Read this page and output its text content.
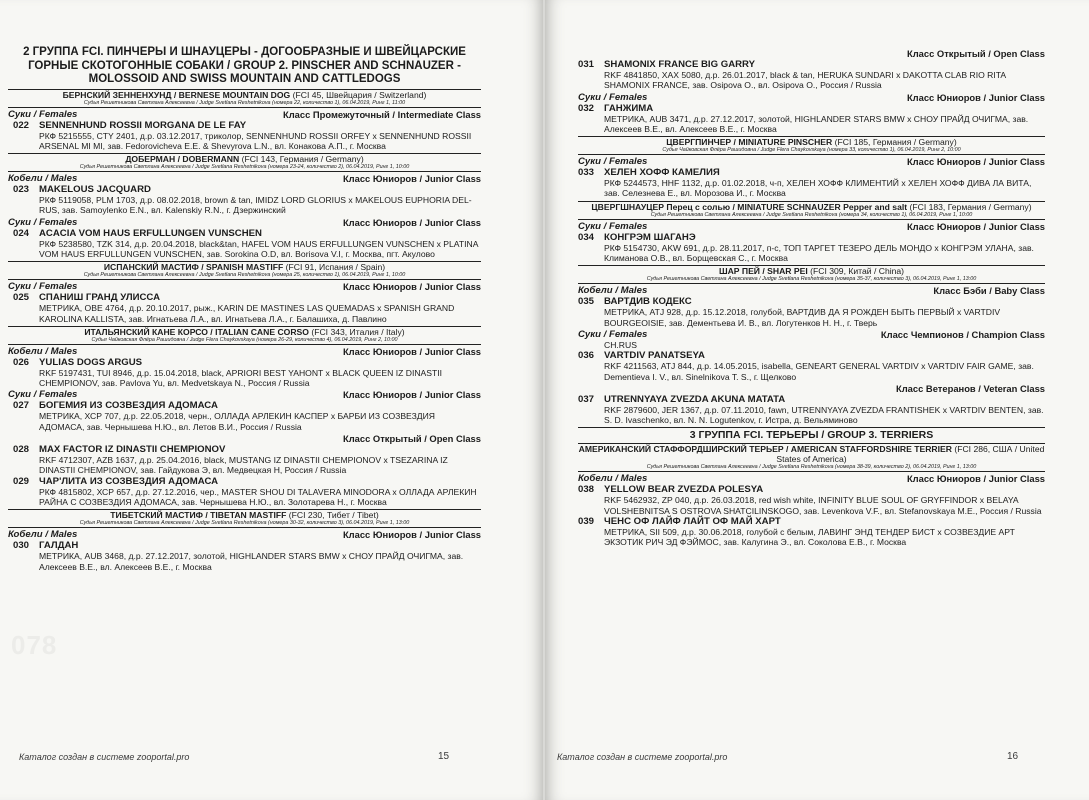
078
2 ГРУППА FCI. ПИНЧЕРЫ И ШНАУЦЕРЫ - ДОГООБРАЗНЫЕ И ШВЕЙЦАРСКИЕ ГОРНЫЕ СКОТОГОННЫЕ СОБАКИ / GROUP 2. PINSCHER AND SCHNAUZER - MOLOSSOID AND SWISS MOUNTAIN AND CATTLEDOGS
БЕРНСКИЙ ЗЕННЕНХУНД / BERNESE MOUNTAIN DOG (FCI 45, Швейцария / Switzerland)
Судья Решетникова Светлана Алексеевна / Judge Svetlana Reshetnikova (номера 22, количество 1), 06.04.2019, Ринг 1, 11:00
Суки / Females	Класс Промежуточный / Intermediate Class
022	SENNENHUND ROSSII MORGANA DE LE FAY
РКФ 5215555, CTY 2401, д.р. 03.12.2017, триколор, SENNENHUND ROSSII ORFEY x SENNENHUND ROSSII ARSENAL MI MI, зав. Fedorovicheva E.E. & Shevyrova L.N., вл. Конакова А.П., г. Москва
ДОБЕРМАН / DOBERMANN (FCI 143, Германия / Germany)
Судья Решетникова Светлана Алексеевна / Judge Svetlana Reshetnikova (номера 23-24, количество 2), 06.04.2019, Ринг 1, 10:00
Кобели / Males	Класс Юниоров / Junior Class
023	MAKELOUS JACQUARD
РКФ 5119058, PLM 1703, д.р. 08.02.2018, brown & tan, IMIDZ LORD GLORIUS x MAKELOUS EUPHORIA DEL-RUS, зав. Samoylenko E.N., вл. Kalenskiy R.N., г. Дзержинский
Суки / Females	Класс Юниоров / Junior Class
024	ACACIA VOM HAUS ERFULLUNGEN VUNSCHEN
РКФ 5238580, TZK 314, д.р. 20.04.2018, black&tan, HAFEL VOM HAUS ERFULLUNGEN VUNSCHEN x PLATINA VOM HAUS ERFULLUNGEN VUNSCHEN, зав. Sorokina O.D, вл. Borisova V.I, г. Москва, пгт. Акулово
ИСПАНСКИЙ МАСТИФ / SPANISH MASTIFF (FCI 91, Испания / Spain)
Судья Решетникова Светлана Алексеевна / Judge Svetlana Reshetnikova (номера 25, количество 1), 06.04.2019, Ринг 1, 10:00
Суки / Females	Класс Юниоров / Junior Class
025	СПАНИШ ГРАНД УЛИССА
МЕТРИКА, OBE 4764, д.р. 20.10.2017, рыж., KARIN DE MASTINES LAS QUEMADAS x SPANISH GRAND KAROLINA KALLISTA, зав. Игнатьева Л.А., вл. Игнатьева Л.А., г. Балашиха, д. Павлино
ИТАЛЬЯНСКИЙ КАНЕ КОРСО / ITALIAN CANE CORSO (FCI 343, Италия / Italy)
Судья Чайковская Флёра Рашидовна / Judge Flera Chaykovskaya (номера 26-29, количество 4), 06.04.2019, Ринг 2, 10:00
Кобели / Males	Класс Юниоров / Junior Class
026	YULIAS DOGS ARGUS
RKF 5197431, TUI 8946, д.р. 15.04.2018, black, APRIORI BEST YAHONT x BLACK QUEEN IZ DINASTII CHEMPIONOV, зав. Pavlova Yu, вл. Medvetskaya N., Россия / Russia
Суки / Females	Класс Юниоров / Junior Class
027	БОГЕМИЯ ИЗ СОЗВЕЗДИЯ АДОМАСА
МЕТРИКА, ХСР 707, д.р. 22.05.2018, черн., ОЛЛАДА АРЛЕКИН КАСПЕР x БАРБИ ИЗ СОЗВЕЗДИЯ АДОМАСА, зав. Чернышева Н.Ю., вл. Летов В.И., Россия / Russia
Класс Открытый / Open Class
028	MAX FACTOR IZ DINASTII CHEMPIONOV
RKF 4712307, AZB 1637, д.р. 25.04.2016, black, MUSTANG IZ DINASTII CHEMPIONOV x TSEZARINA IZ DINASTII CHEMPIONOV, зав. Гайдукова Э, вл. Медвецкая Н, Россия / Russia
029	ЧАР'ЛИТА ИЗ СОЗВЕЗДИЯ АДОМАСА
РКФ 4815802, ХСР 657, д.р. 27.12.2016, чер., MASTER SHOU DI TALAVERA MINODORA x ОЛЛАДА АРЛЕКИН РАЙНА С СОЗВЕЗДИЯ АДОМАСА, зав. Чернышева Н.Ю., вл. Золотарева Н., г. Москва
ТИБЕТСКИЙ МАСТИФ / TIBETAN MASTIFF (FCI 230, Тибет / Tibet)
Судья Решетникова Светлана Алексеевна / Judge Svetlana Reshetnikova (номера 30-32, количество 3), 06.04.2019, Ринг 1, 13:00
Кобели / Males	Класс Юниоров / Junior Class
030	ГАЛДАН
МЕТРИКА, AUB 3468, д.р. 27.12.2017, золотой, HIGHLANDER STARS BMW x СНОУ ПРАЙД ОЧИГМА, зав. Алексеев В.Е., вл. Алексеев В.Е., г. Москва
Каталог создан в системе zooportal.pro	15
Класс Открытый / Open Class
031	SHAMONIX FRANCE BIG GARRY
RKF 4841850, XAX 5080, д.р. 26.01.2017, black & tan, HERUKA SUNDARI x DAKOTTA CLAB RIO RITA SHAMONIX FRANCE, зав. Osipova O., вл. Osipova O., Россия / Russia
Суки / Females	Класс Юниоров / Junior Class
032	ГАНЖИМА
МЕТРИКА, AUB 3471, д.р. 27.12.2017, золотой, HIGHLANDER STARS BMW x СНОУ ПРАЙД ОЧИГМА, зав. Алексеев В.Е., вл. Алексеев В.Е., г. Москва
ЦВЕРГПИНЧЕР / MINIATURE PINSCHER (FCI 185, Германия / Germany)
Судья Чайковская Флёра Рашидовна / Judge Flera Chaykovskaya (номера 33, количество 1), 06.04.2019, Ринг 2, 10:00
Суки / Females	Класс Юниоров / Junior Class
033	ХЕЛЕН ХОФФ КАМЕЛИЯ
РКФ 5244573, HHF 1132, д.р. 01.02.2018, ч-п, ХЕЛЕН ХОФФ КЛИМЕНТИЙ x ХЕЛЕН ХОФФ ДИВА ЛА ВИТА, зав. Селезнева Е., вл. Морозова И., г. Москва
ЦВЕРГШНАУЦЕР Перец с солью / MINIATURE SCHNAUZER Pepper and salt (FCI 183, Германия / Germany)
Судья Решетникова Светлана Алексеевна / Judge Svetlana Reshetnikova (номера 34, количество 1), 06.04.2019, Ринг 1, 10:00
Суки / Females	Класс Юниоров / Junior Class
034	КОНГРЭМ ШАГАНЭ
РКФ 5154730, AKW 691, д.р. 28.11.2017, п-с, ТОП ТАРГЕТ ТЕЗЕРО ДЕЛЬ МОНДО x КОНГРЭМ УЛАНА, зав. Климанова О.В., вл. Борщевская С., г. Москва
ШАР ПЕЙ / SHAR PEI (FCI 309, Китай / China)
Судья Решетникова Светлана Алексеевна / Judge Svetlana Reshetnikova (номера 35-37, количество 3), 06.04.2019, Ринг 1, 13:00
Кобели / Males	Класс Бэби / Baby Class
035	ВАРТДИВ КОДЕКС
МЕТРИКА, ATJ 928, д.р. 15.12.2018, голубой, ВАРТДИВ ДА Я РОЖДЕН БЫТЬ ПЕРВЫЙ x VARTDIV BOURGEOISIE, зав. Дементьева И. В., вл. Логутенков Н. Н., г. Тверь
Суки / Females	Класс Чемпионов / Champion Class
CH.RUS
036	VARTDIV PANATSEYA
RKF 4211563, ATJ 844, д.р. 14.05.2015, isabella, GENEART GENERAL VARTDIV x VARTDIV FAIR GAME, зав. Dementieva I. V., вл. Sinelnikova T. S., г. Щелково
Класс Ветеранов / Veteran Class
037	UTRENNYAYA ZVEZDA AKUNA MATATA
RKF 2879600, JER 1367, д.р. 07.11.2010, fawn, UTRENNYAYA ZVEZDA FRANTISHEK x VARTDIV BENTEN, зав. S. D. Ivaschenko, вл. N. N. Logutenkov, г. Истра, д. Вельяминово
3 ГРУППА FCI. ТЕРЬЕРЫ / GROUP 3. TERRIERS
АМЕРИКАНСКИЙ СТАФФОРДШИРСКИЙ ТЕРЬЕР / AMERICAN STAFFORDSHIRE TERRIER (FCI 286, США / United States of America)
Судья Решетникова Светлана Алексеевна / Judge Svetlana Reshetnikova (номера 38-39, количество 2), 06.04.2019, Ринг 1, 13:00
Кобели / Males	Класс Юниоров / Junior Class
038	YELLOW BEAR ZVEZDA POLESYA
RKF 5462932, ZP 040, д.р. 26.03.2018, red wish white, INFINITY BLUE SOUL OF GRYFFINDOR x BELAYA VOLSHEBNITSA S OSTROVA SHATCILINSKOGO, зав. Levenkova V.F., вл. Stefanovskaya M.E., Россия / Russia
039	ЧЕНС ОФ ЛАЙФ ЛАЙТ ОФ МАЙ ХАРТ
МЕТРИКА, SII 509, д.р. 30.06.2018, голубой с белым, ЛАВИНГ ЭНД ТЕНДЕР БИСТ x СОЗВЕЗДИЕ АРТ ЭКЗОТИК РИЧ ЭД ФЭЙМОС, зав. Калугина Э., вл. Соколова Е.В., г. Москва
Каталог создан в системе zooportal.pro	16
